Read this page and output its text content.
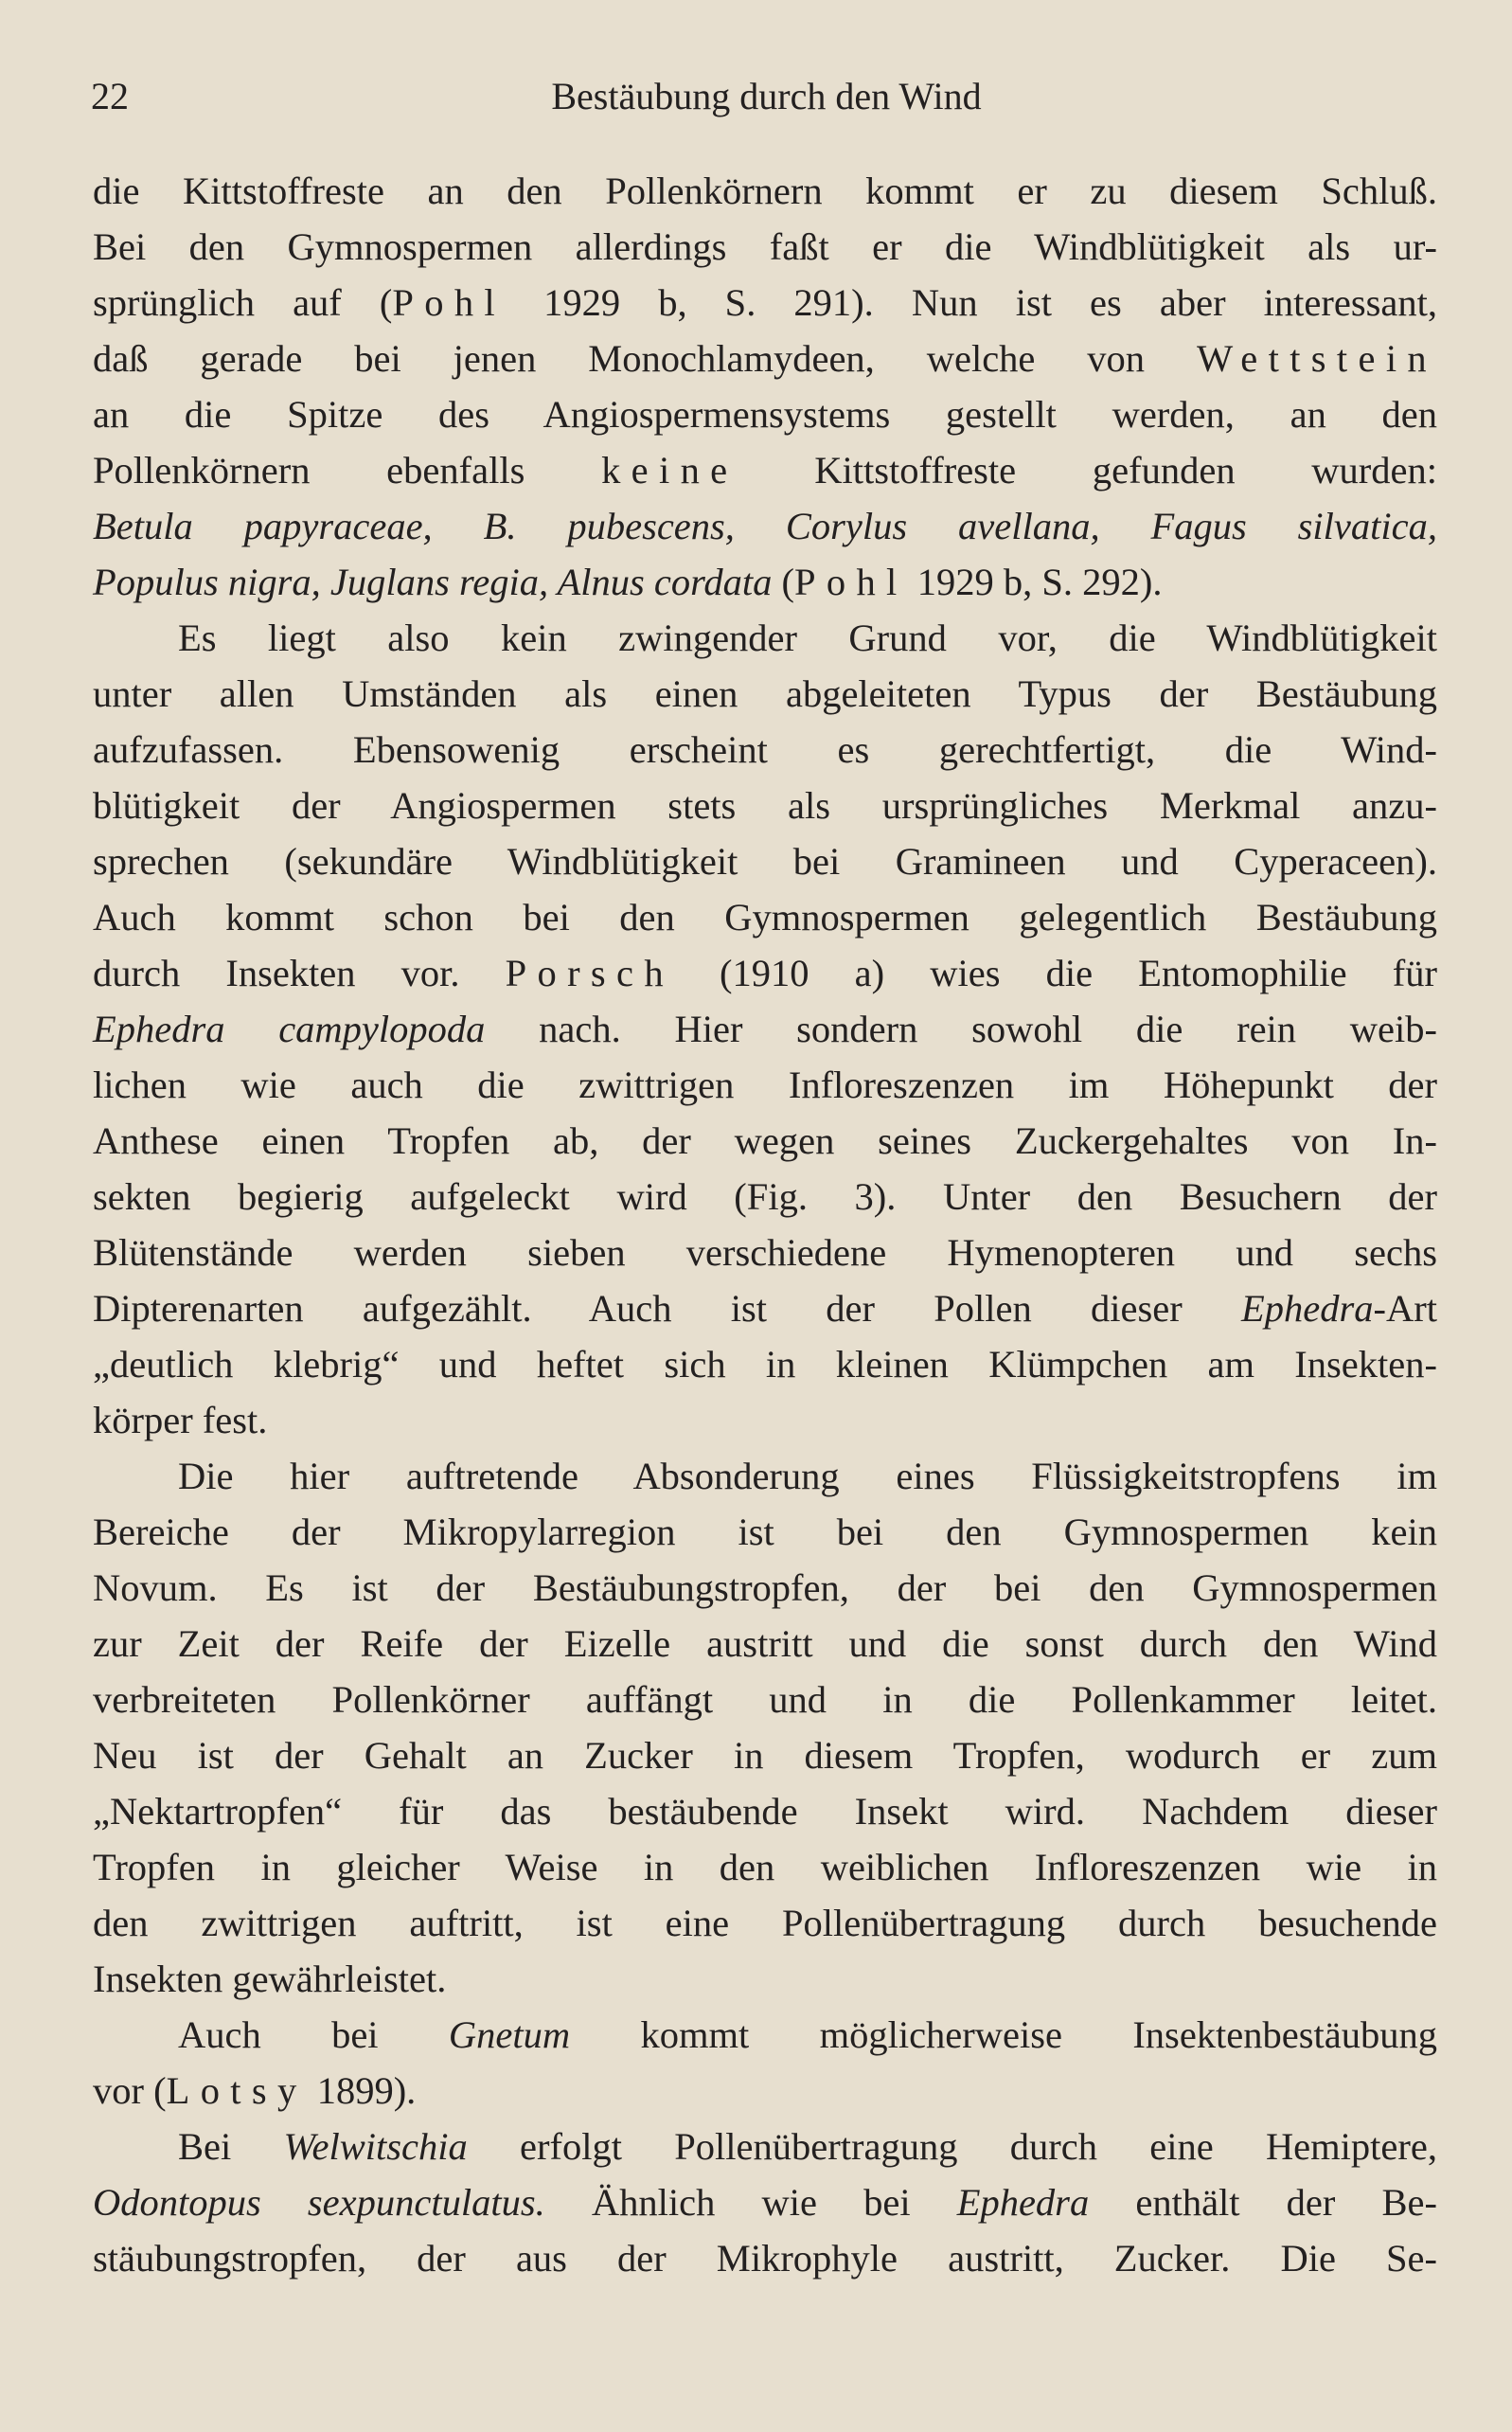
22	Bestäubung durch den Wind
die Kittstoffreste an den Pollenkörnern kommt er zu diesem Schluß.
Bei den Gymnospermen allerdings faßt er die Windblütigkeit als ur-
sprünglich auf (Pohl 1929 b, S. 291). Nun ist es aber interessant,
daß gerade bei jenen Monochlamydeen, welche von Wettstein
an die Spitze des Angiospermensystems gestellt werden, an den
Pollenkörnern ebenfalls keine Kittstoffreste gefunden wurden:
Betula papyraceae, B. pubescens, Corylus avellana, Fagus silvatica,
Populus nigra, Juglans regia, Alnus cordata (Pohl 1929 b, S. 292).
Es liegt also kein zwingender Grund vor, die Windblütigkeit
unter allen Umständen als einen abgeleiteten Typus der Bestäubung
aufzufassen. Ebensowenig erscheint es gerechtfertigt, die Wind-
blütigkeit der Angiospermen stets als ursprüngliches Merkmal anzu-
sprechen (sekundäre Windblütigkeit bei Gramineen und Cyperaceen).
Auch kommt schon bei den Gymnospermen gelegentlich Bestäubung
durch Insekten vor. Porsch (1910 a) wies die Entomophilie für
Ephedra campylopoda nach. Hier sondern sowohl die rein weib-
lichen wie auch die zwittrigen Infloreszenzen im Höhepunkt der
Anthese einen Tropfen ab, der wegen seines Zuckergehaltes von In-
sekten begierig aufgeleckt wird (Fig. 3). Unter den Besuchern der
Blütenstände werden sieben verschiedene Hymenopteren und sechs
Dipterenarten aufgezählt. Auch ist der Pollen dieser Ephedra-Art
„deutlich klebrig“ und heftet sich in kleinen Klümpchen am Insekten-
körper fest.
Die hier auftretende Absonderung eines Flüssigkeitstropfens im
Bereiche der Mikropylarregion ist bei den Gymnospermen kein
Novum. Es ist der Bestäubungstropfen, der bei den Gymnospermen
zur Zeit der Reife der Eizelle austritt und die sonst durch den Wind
verbreiteten Pollenkörner auffängt und in die Pollenkammer leitet.
Neu ist der Gehalt an Zucker in diesem Tropfen, wodurch er zum
„Nektartropfen“ für das bestäubende Insekt wird. Nachdem dieser
Tropfen in gleicher Weise in den weiblichen Infloreszenzen wie in
den zwittrigen auftritt, ist eine Pollenübertragung durch besuchende
Insekten gewährleistet.
Auch bei Gnetum kommt möglicherweise Insektenbestäubung
vor (Lotsy 1899).
Bei Welwitschia erfolgt Pollenübertragung durch eine Hemiptere,
Odontopus sexpunctulatus. Ähnlich wie bei Ephedra enthält der Be-
stäubungstropfen, der aus der Mikrophyle austritt, Zucker. Die Se-
